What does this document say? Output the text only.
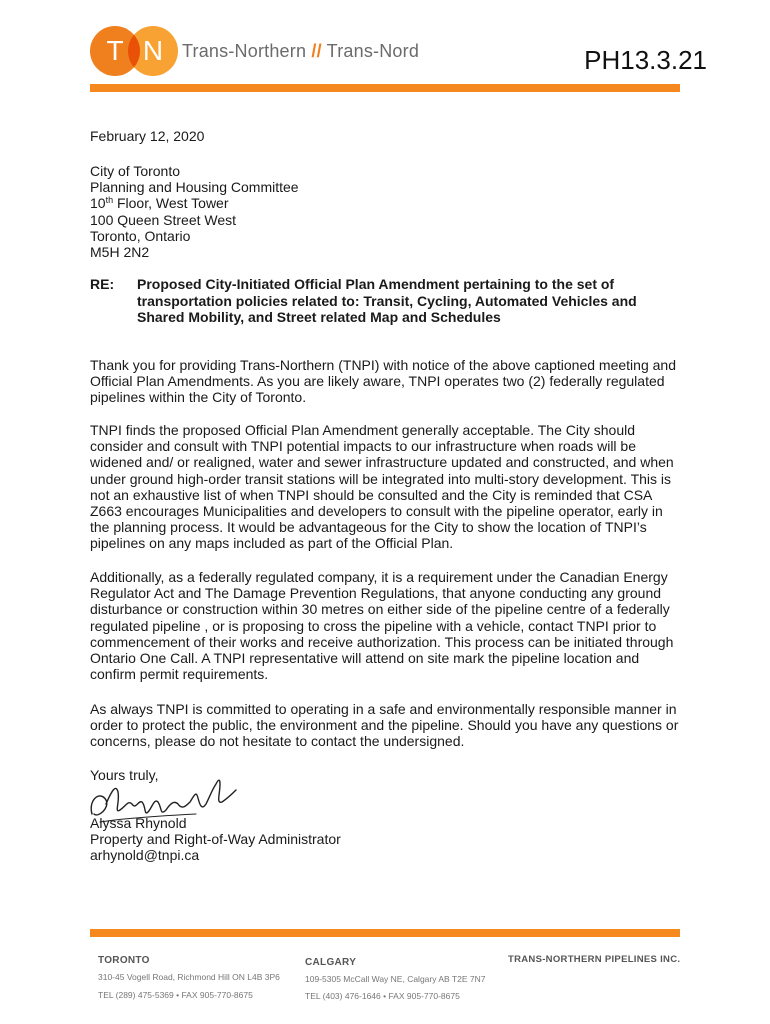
T N	Trans-Northern // Trans-Nord	PH13.3.21
February 12, 2020
City of Toronto
Planning and Housing Committee
10th Floor, West Tower
100 Queen Street West
Toronto, Ontario
M5H 2N2
RE: Proposed City-Initiated Official Plan Amendment pertaining to the set of transportation policies related to: Transit, Cycling, Automated Vehicles and Shared Mobility, and Street related Map and Schedules
Thank you for providing Trans-Northern (TNPI) with notice of the above captioned meeting and Official Plan Amendments. As you are likely aware, TNPI operates two (2) federally regulated pipelines within the City of Toronto.
TNPI finds the proposed Official Plan Amendment generally acceptable. The City should consider and consult with TNPI potential impacts to our infrastructure when roads will be widened and/ or realigned, water and sewer infrastructure updated and constructed, and when under ground high-order transit stations will be integrated into multi-story development. This is not an exhaustive list of when TNPI should be consulted and the City is reminded that CSA Z663 encourages Municipalities and developers to consult with the pipeline operator, early in the planning process. It would be advantageous for the City to show the location of TNPI’s pipelines on any maps included as part of the Official Plan.
Additionally, as a federally regulated company, it is a requirement under the Canadian Energy Regulator Act and The Damage Prevention Regulations, that anyone conducting any ground disturbance or construction within 30 metres on either side of the pipeline centre of a federally regulated pipeline , or is proposing to cross the pipeline with a vehicle, contact TNPI prior to commencement of their works and receive authorization. This process can be initiated through Ontario One Call. A TNPI representative will attend on site mark the pipeline location and confirm permit requirements.
As always TNPI is committed to operating in a safe and environmentally responsible manner in order to protect the public, the environment and the pipeline. Should you have any questions or concerns, please do not hesitate to contact the undersigned.
Yours truly,
Alyssa Rhynold
Property and Right-of-Way Administrator
arhynold@tnpi.ca
TORONTO	CALGARY	TRANS-NORTHERN PIPELINES INC.
310-45 Vogell Road, Richmond Hill ON L4B 3P6
TEL (289) 475-5369 • FAX 905-770-8675
109-5305 McCall Way NE, Calgary AB T2E 7N7
TEL (403) 476-1646 • FAX 905-770-8675
